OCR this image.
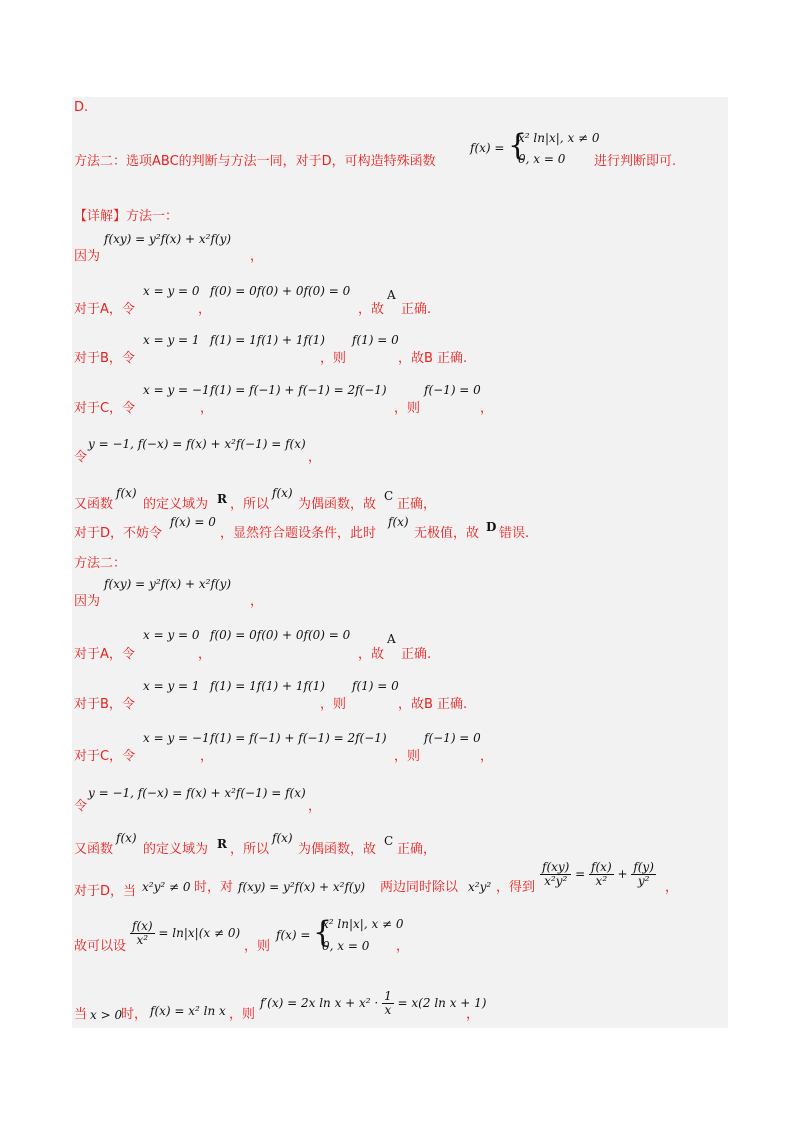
D.
方法二：选项ABC的判断与方法一同，对于D，可构造特殊函数
f(x) = {
x² ln|x|, x ≠ 0
0, x = 0 进行判断即可.
【详解】方法一：
因为
f(xy) = y²f(x) + x²f(y)
，
对于A，令
x = y = 0
，
f(0) = 0f(0) + 0f(0) = 0
，故
A
正确.
对于B，令
x = y = 1 f(1) = 1f(1) + 1f(1)
，则
f(1) = 0
，故B 正确.
对于C，令
x = y = −1
，
f(1) = f(−1) + f(−1) = 2f(−1)
，则
f(−1) = 0
，
令
y = −1, f(−x) = f(x) + x²f(−1) = f(x)
，
又函数
f(x)
的定义域为 R ，所以
f(x)
为偶函数，故
C
正确，
对于D，不妨令
f(x) = 0
，显然符合题设条件，此时
f(x)
无极值，故 D 错误.
方法二：
因为
f(xy) = y²f(x) + x²f(y)
，
对于A，令
x = y = 0
，
f(0) = 0f(0) + 0f(0) = 0
，故
A
正确.
对于B，令
x = y = 1 f(1) = 1f(1) + 1f(1)
，则
f(1) = 0
，故B 正确.
对于C，令
x = y = −1
，
f(1) = f(−1) + f(−1) = 2f(−1)
，则
f(−1) = 0
，
令
y = −1, f(−x) = f(x) + x²f(−1) = f(x)
，
又函数
f(x)
的定义域为 R ，所以
f(x)
为偶函数，故
C
正确，
对于D，当 x²y² ≠ 0 时，对 f(xy) = y²f(x) + x²f(y) 两边同时除以 x²y² ，得到 $\frac{f(xy)}{\text{x²y²}} = \frac{f(x)}{\text{x²}} + \frac{f(y)}{\text{y²}}$ ，
故可以设 $\frac{f(x)}{\text{x²}} = \ln|x|(x \ne 0)$
，则
f(x) = {
x² ln|x|, x ≠ 0
0, x = 0 ，
当 x > 0
时， f(x) = x² ln x ，则
f′(x) = 2x $\ln x + x^2 \cdot \frac{1}{x} = x(2$ ln x + 1)
，
